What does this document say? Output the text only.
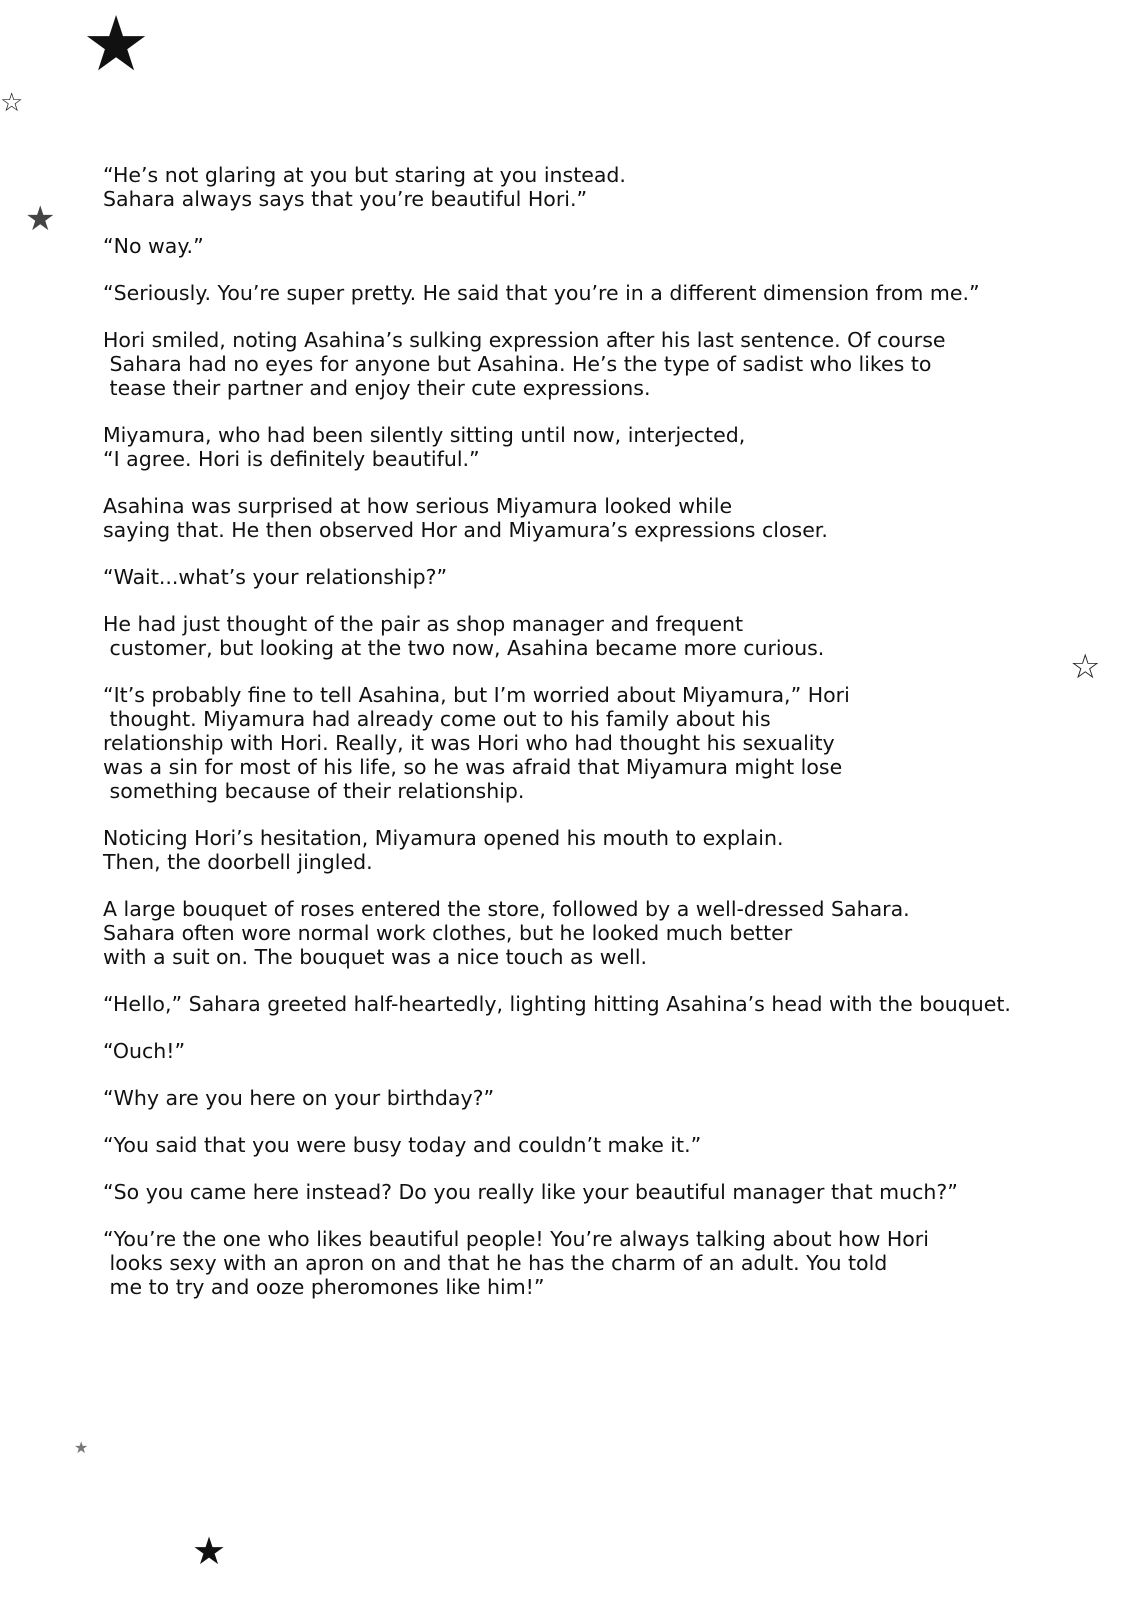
★
☆
★
☆
★
★

“He’s not glaring at you but staring at you instead.
Sahara always says that you’re beautiful Hori.”

“No way.”

“Seriously. You’re super pretty. He said that you’re in a different dimension from me.”

Hori smiled, noting Asahina’s sulking expression after his last sentence. Of course
Sahara had no eyes for anyone but Asahina. He’s the type of sadist who likes to
tease their partner and enjoy their cute expressions.

Miyamura, who had been silently sitting until now, interjected,
“I agree. Hori is definitely beautiful.”

Asahina was surprised at how serious Miyamura looked while
saying that. He then observed Hor and Miyamura’s expressions closer.

“Wait...what’s your relationship?”

He had just thought of the pair as shop manager and frequent
customer, but looking at the two now, Asahina became more curious.

“It’s probably fine to tell Asahina, but I’m worried about Miyamura,” Hori
thought. Miyamura had already come out to his family about his
relationship with Hori. Really, it was Hori who had thought his sexuality
was a sin for most of his life, so he was afraid that Miyamura might lose
something because of their relationship.

Noticing Hori’s hesitation, Miyamura opened his mouth to explain.
Then, the doorbell jingled.

A large bouquet of roses entered the store, followed by a well-dressed Sahara.
Sahara often wore normal work clothes, but he looked much better
with a suit on. The bouquet was a nice touch as well.

“Hello,” Sahara greeted half-heartedly, lighting hitting Asahina’s head with the bouquet.

“Ouch!”

“Why are you here on your birthday?”

“You said that you were busy today and couldn’t make it.”

“So you came here instead? Do you really like your beautiful manager that much?”

“You’re the one who likes beautiful people! You’re always talking about how Hori
looks sexy with an apron on and that he has the charm of an adult. You told
me to try and ooze pheromones like him!”
